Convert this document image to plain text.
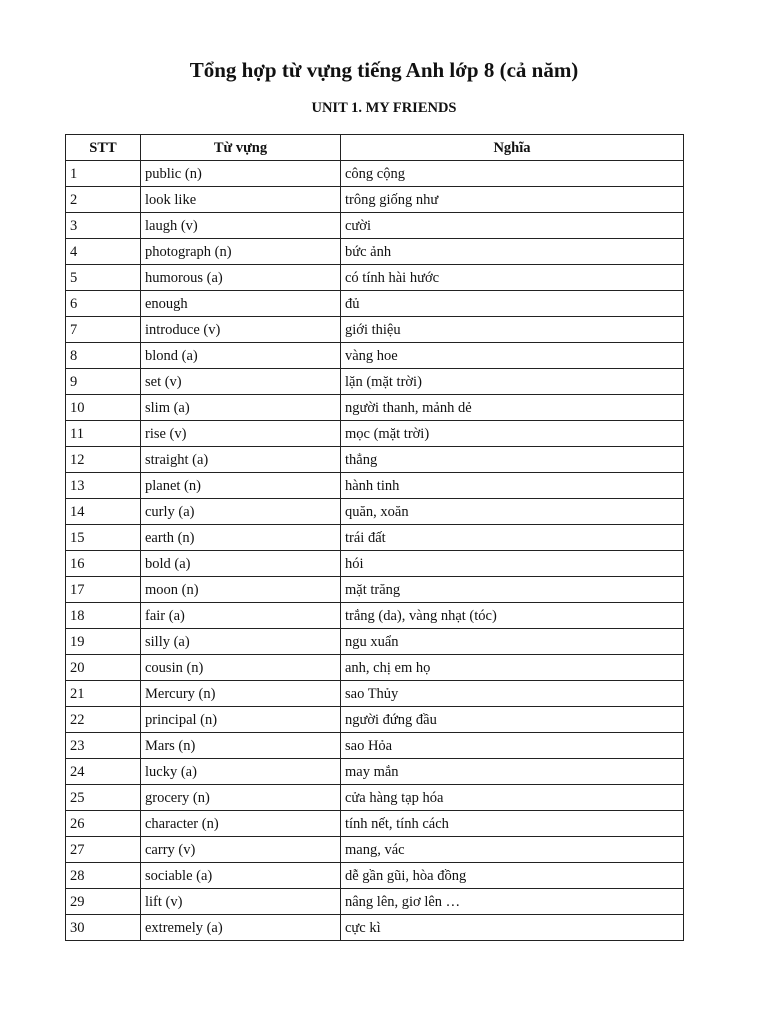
Tổng hợp từ vựng tiếng Anh lớp 8 (cả năm)
UNIT 1. MY FRIENDS
STT	Từ vựng	Nghĩa
1	public (n)	công cộng
2	look like	trông giống như
3	laugh (v)	cười
4	photograph (n)	bức ảnh
5	humorous (a)	có tính hài hước
6	enough	đủ
7	introduce (v)	giới thiệu
8	blond (a)	vàng hoe
9	set (v)	lặn (mặt trời)
10	slim (a)	người thanh, mảnh dẻ
11	rise (v)	mọc (mặt trời)
12	straight (a)	thẳng
13	planet (n)	hành tinh
14	curly (a)	quăn, xoăn
15	earth (n)	trái đất
16	bold (a)	hói
17	moon (n)	mặt trăng
18	fair (a)	trắng (da), vàng nhạt (tóc)
19	silly (a)	ngu xuẩn
20	cousin (n)	anh, chị em họ
21	Mercury (n)	sao Thủy
22	principal (n)	người đứng đầu
23	Mars (n)	sao Hỏa
24	lucky (a)	may mắn
25	grocery (n)	cửa hàng tạp hóa
26	character (n)	tính nết, tính cách
27	carry (v)	mang, vác
28	sociable (a)	dễ gần gũi, hòa đồng
29	lift (v)	nâng lên, giơ lên …
30	extremely (a)	cực kì
